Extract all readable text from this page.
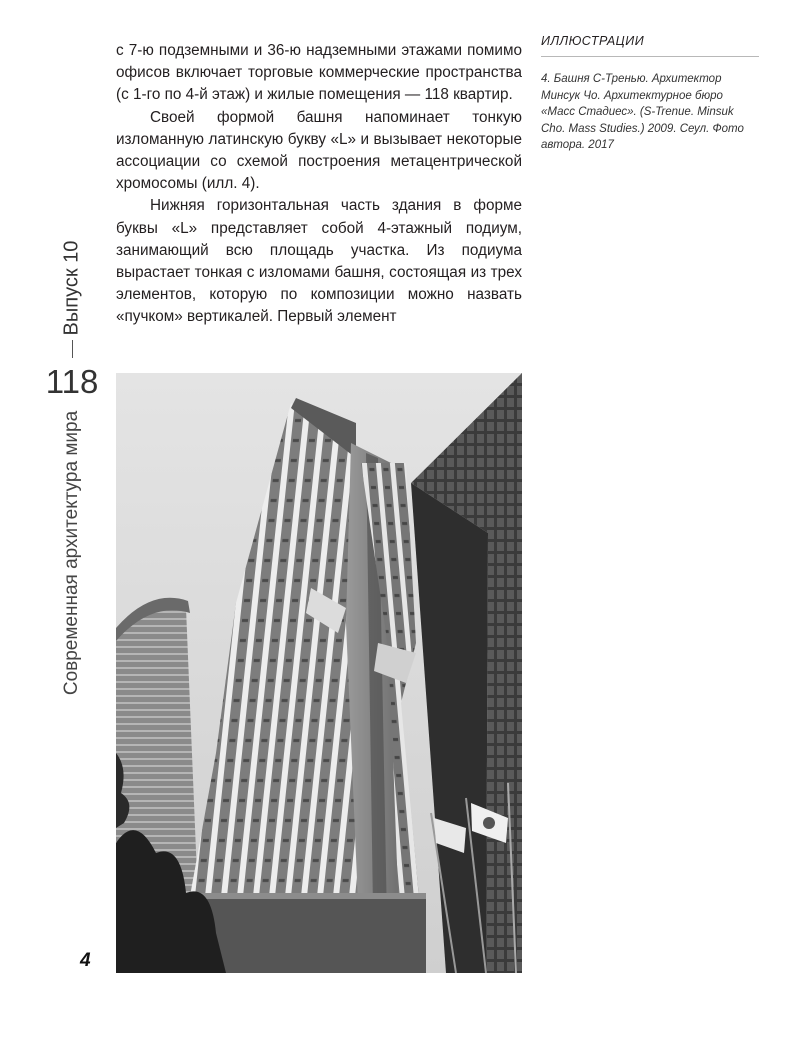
с 7-ю подземными и 36-ю надземными этажами помимо офисов включает торговые коммерческие пространства (с 1-го по 4-й этаж) и жилые помещения — 118 квартир.

Своей формой башня напоминает тонкую изломанную латинскую букву «L» и вызывает некоторые ассоциации со схемой построения метацентрической хромосомы (илл. 4).

Нижняя горизонтальная часть здания в форме буквы «L» представляет собой 4-этажный подиум, занимающий всю площадь участка. Из подиума вырастает тонкая с изломами башня, состоящая из трех элементов, которую по композиции можно назвать «пучком» вертикалей. Первый элемент

ИЛЛЮСТРАЦИИ
4. Башня С-Тренью. Архитектор Минсук Чо. Архитектурное бюро «Масс Стадиес». (S-Trenue. Minsuk Cho. Mass Studies.) 2009. Сеул. Фото автора. 2017
Выпуск 10
118
Современная архитектура мира
4
